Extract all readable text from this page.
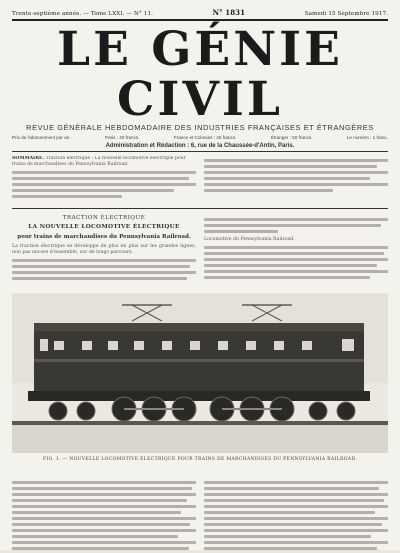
Trente-septième année. — Tome LXXI. — N° 11.	N° 1831	Samedi 15 Septembre 1917.
LE GÉNIE CIVIL
REVUE GÉNÉRALE HEBDOMADAIRE DES INDUSTRIES FRANÇAISES ET ÉTRANGÈRES
Prix de l'abonnement par an.	Paris : 40 francs.	France et Colonies : 45 francs.	Étranger : 50 francs.	Le numéro : 1 franc.
Administration et Rédaction : 6, rue de la Chaussée-d'Antin, Paris.
SOMMAIRE. Traction électrique : La nouvelle locomotive électrique pour trains de marchandises du Pennsylvania Railroad.
TRACTION ÉLECTRIQUE
LA NOUVELLE LOCOMOTIVE ÉLECTRIQUE
pour trains de marchandises du Pennsylvania Railroad.
La traction électrique se développe de plus en plus sur les grandes lignes, non pas encore d'ensemble, sur de longs parcours.
Locomotive du Pennsylvania Railroad.
FIG. 1. — NOUVELLE LOCOMOTIVE ÉLECTRIQUE POUR TRAINS DE MARCHANDISES DU PENNSYLVANIA RAILROAD.
